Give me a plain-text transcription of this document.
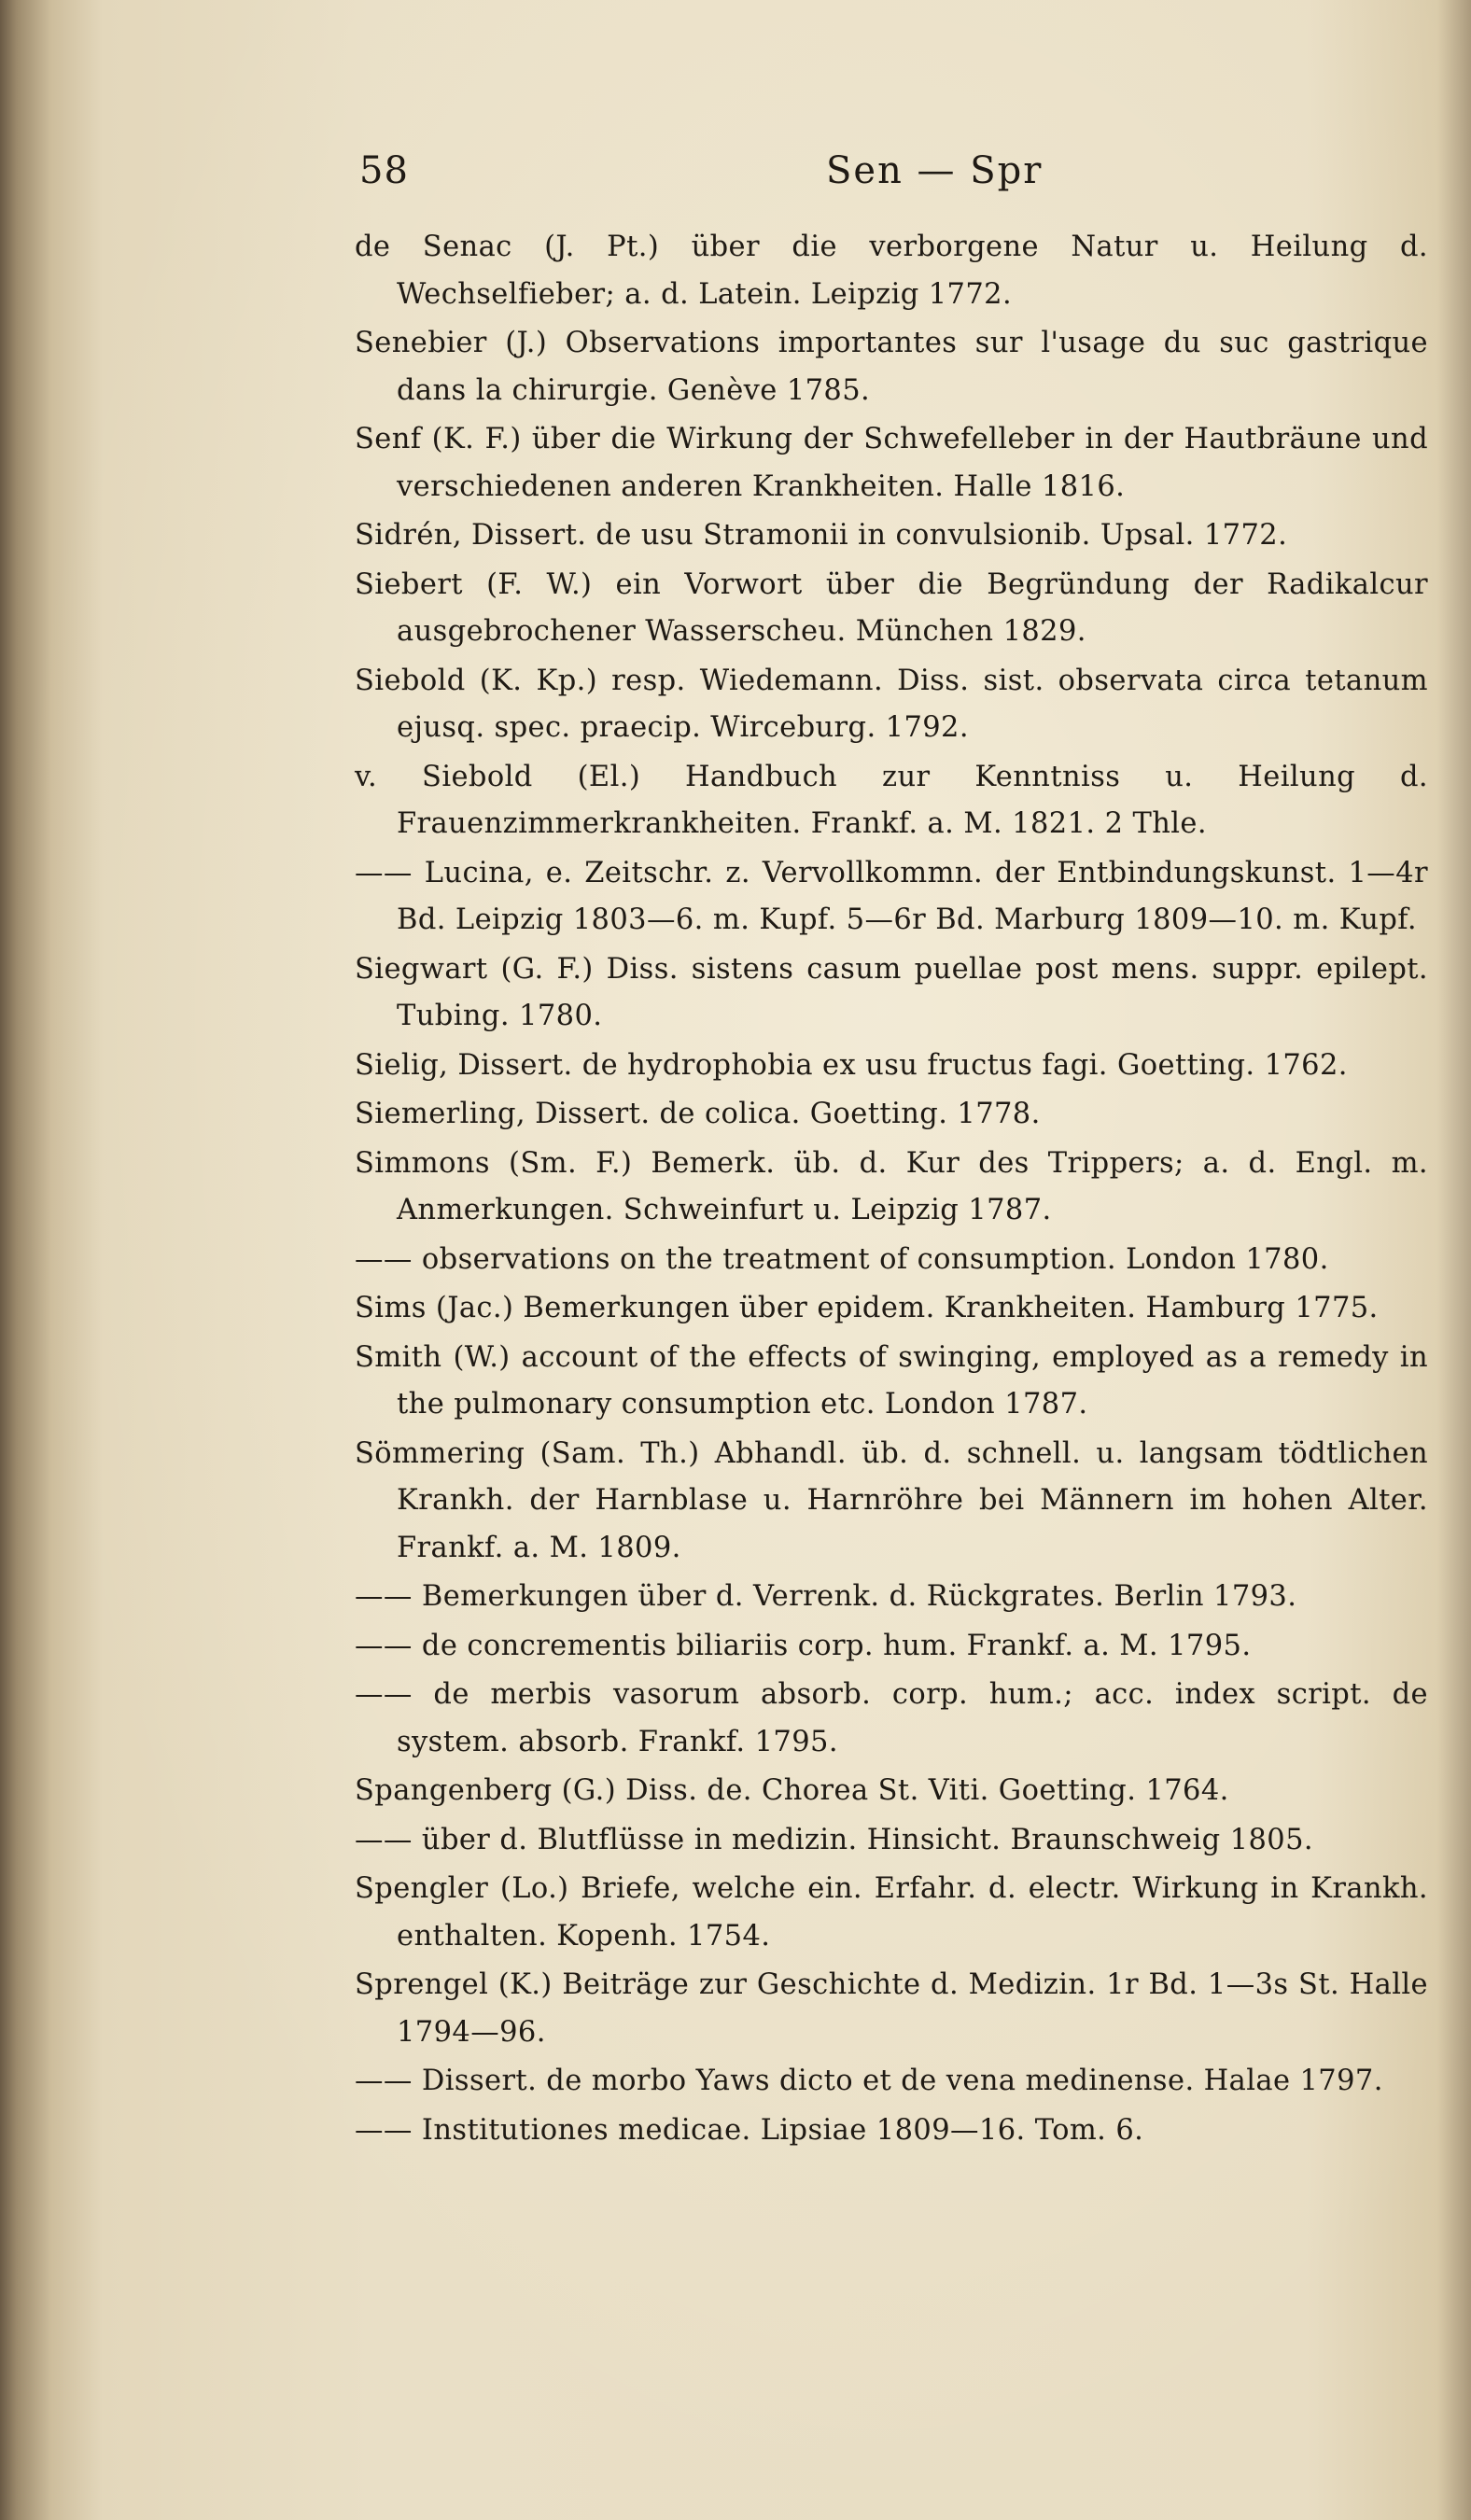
58	Sen — Spr

de Senac (J. Pt.) über die verborgene Natur u. Heilung d. Wechselfieber; a. d. Latein. Leipzig 1772.

Senebier (J.) Observations importantes sur l'usage du suc gastrique dans la chirurgie. Genève 1785.

Senf (K. F.) über die Wirkung der Schwefelleber in der Hautbräune und verschiedenen anderen Krankheiten. Halle 1816.

Sidrén, Dissert. de usu Stramonii in convulsionib. Upsal. 1772.

Siebert (F. W.) ein Vorwort über die Begründung der Radikalcur ausgebrochener Wasserscheu. München 1829.

Siebold (K. Kp.) resp. Wiedemann. Diss. sist. observata circa tetanum ejusq. spec. praecip. Wirceburg. 1792.

v. Siebold (El.) Handbuch zur Kenntniss u. Heilung d. Frauenzimmerkrankheiten. Frankf. a. M. 1821. 2 Thle.

—— Lucina, e. Zeitschr. z. Vervollkommn. der Entbindungskunst. 1—4r Bd. Leipzig 1803—6. m. Kupf. 5—6r Bd. Marburg 1809—10. m. Kupf.

Siegwart (G. F.) Diss. sistens casum puellae post mens. suppr. epilept. Tubing. 1780.

Sielig, Dissert. de hydrophobia ex usu fructus fagi. Goetting. 1762.

Siemerling, Dissert. de colica. Goetting. 1778.

Simmons (Sm. F.) Bemerk. üb. d. Kur des Trippers; a. d. Engl. m. Anmerkungen. Schweinfurt u. Leipzig 1787.

—— observations on the treatment of consumption. London 1780.

Sims (Jac.) Bemerkungen über epidem. Krankheiten. Hamburg 1775.

Smith (W.) account of the effects of swinging, employed as a remedy in the pulmonary consumption etc. London 1787.

Sömmering (Sam. Th.) Abhandl. üb. d. schnell. u. langsam tödtlichen Krankh. der Harnblase u. Harnröhre bei Männern im hohen Alter. Frankf. a. M. 1809.

—— Bemerkungen über d. Verrenk. d. Rückgrates. Berlin 1793.

—— de concrementis biliariis corp. hum. Frankf. a. M. 1795.

—— de merbis vasorum absorb. corp. hum.; acc. index script. de system. absorb. Frankf. 1795.

Spangenberg (G.) Diss. de. Chorea St. Viti. Goetting. 1764.

—— über d. Blutflüsse in medizin. Hinsicht. Braunschweig 1805.

Spengler (Lo.) Briefe, welche ein. Erfahr. d. electr. Wirkung in Krankh. enthalten. Kopenh. 1754.

Sprengel (K.) Beiträge zur Geschichte d. Medizin. 1r Bd. 1—3s St. Halle 1794—96.

—— Dissert. de morbo Yaws dicto et de vena medinense. Halae 1797.

—— Institutiones medicae. Lipsiae 1809—16. Tom. 6.
